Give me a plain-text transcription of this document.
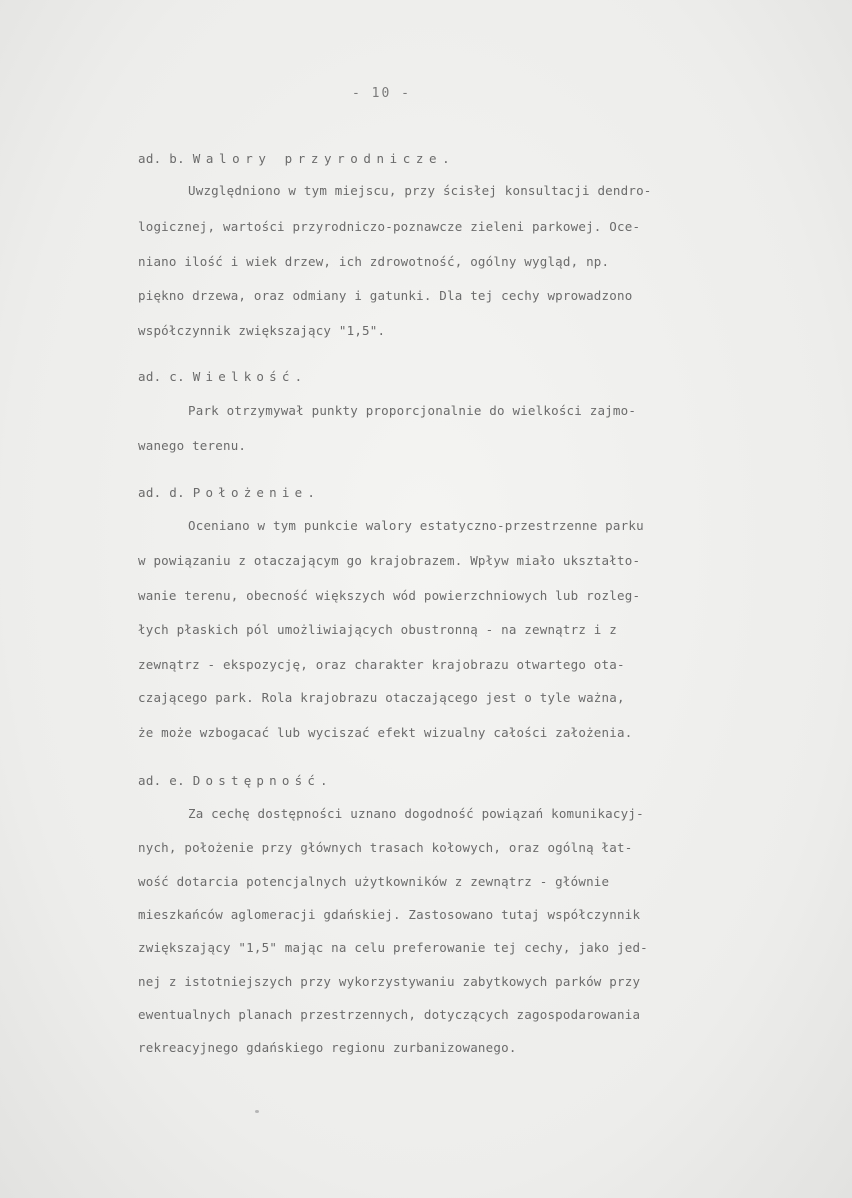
- 10 -
ad. b. Walory przyrodnicze.
Uwzględniono w tym miejscu, przy ścisłej konsultacji dendro-
logicznej, wartości przyrodniczo-poznawcze zieleni parkowej. Oce-
niano ilość i wiek drzew, ich zdrowotność, ogólny wygląd, np.
piękno drzewa, oraz odmiany i gatunki. Dla tej cechy wprowadzono
współczynnik zwiększający "1,5".
ad. c. Wielkość.
Park otrzymywał punkty proporcjonalnie do wielkości zajmo-
wanego terenu.
ad. d. Położenie.
Oceniano w tym punkcie walory estatyczno-przestrzenne parku
w powiązaniu z otaczającym go krajobrazem. Wpływ miało ukształto-
wanie terenu, obecność większych wód powierzchniowych lub rozleg-
łych płaskich pól umożliwiających obustronną - na zewnątrz i z
zewnątrz - ekspozycję, oraz charakter krajobrazu otwartego ota-
czającego park. Rola krajobrazu otaczającego jest o tyle ważna,
że może wzbogacać lub wyciszać efekt wizualny całości założenia.
ad. e. Dostępność.
Za cechę dostępności uznano dogodność powiązań komunikacyj-
nych, położenie przy głównych trasach kołowych, oraz ogólną łat-
wość dotarcia potencjalnych użytkowników z zewnątrz - głównie
mieszkańców aglomeracji gdańskiej. Zastosowano tutaj współczynnik
zwiększający "1,5" mając na celu preferowanie tej cechy, jako jed-
nej z istotniejszych przy wykorzystywaniu zabytkowych parków przy
ewentualnych planach przestrzennych, dotyczących zagospodarowania
rekreacyjnego gdańskiego regionu zurbanizowanego.
